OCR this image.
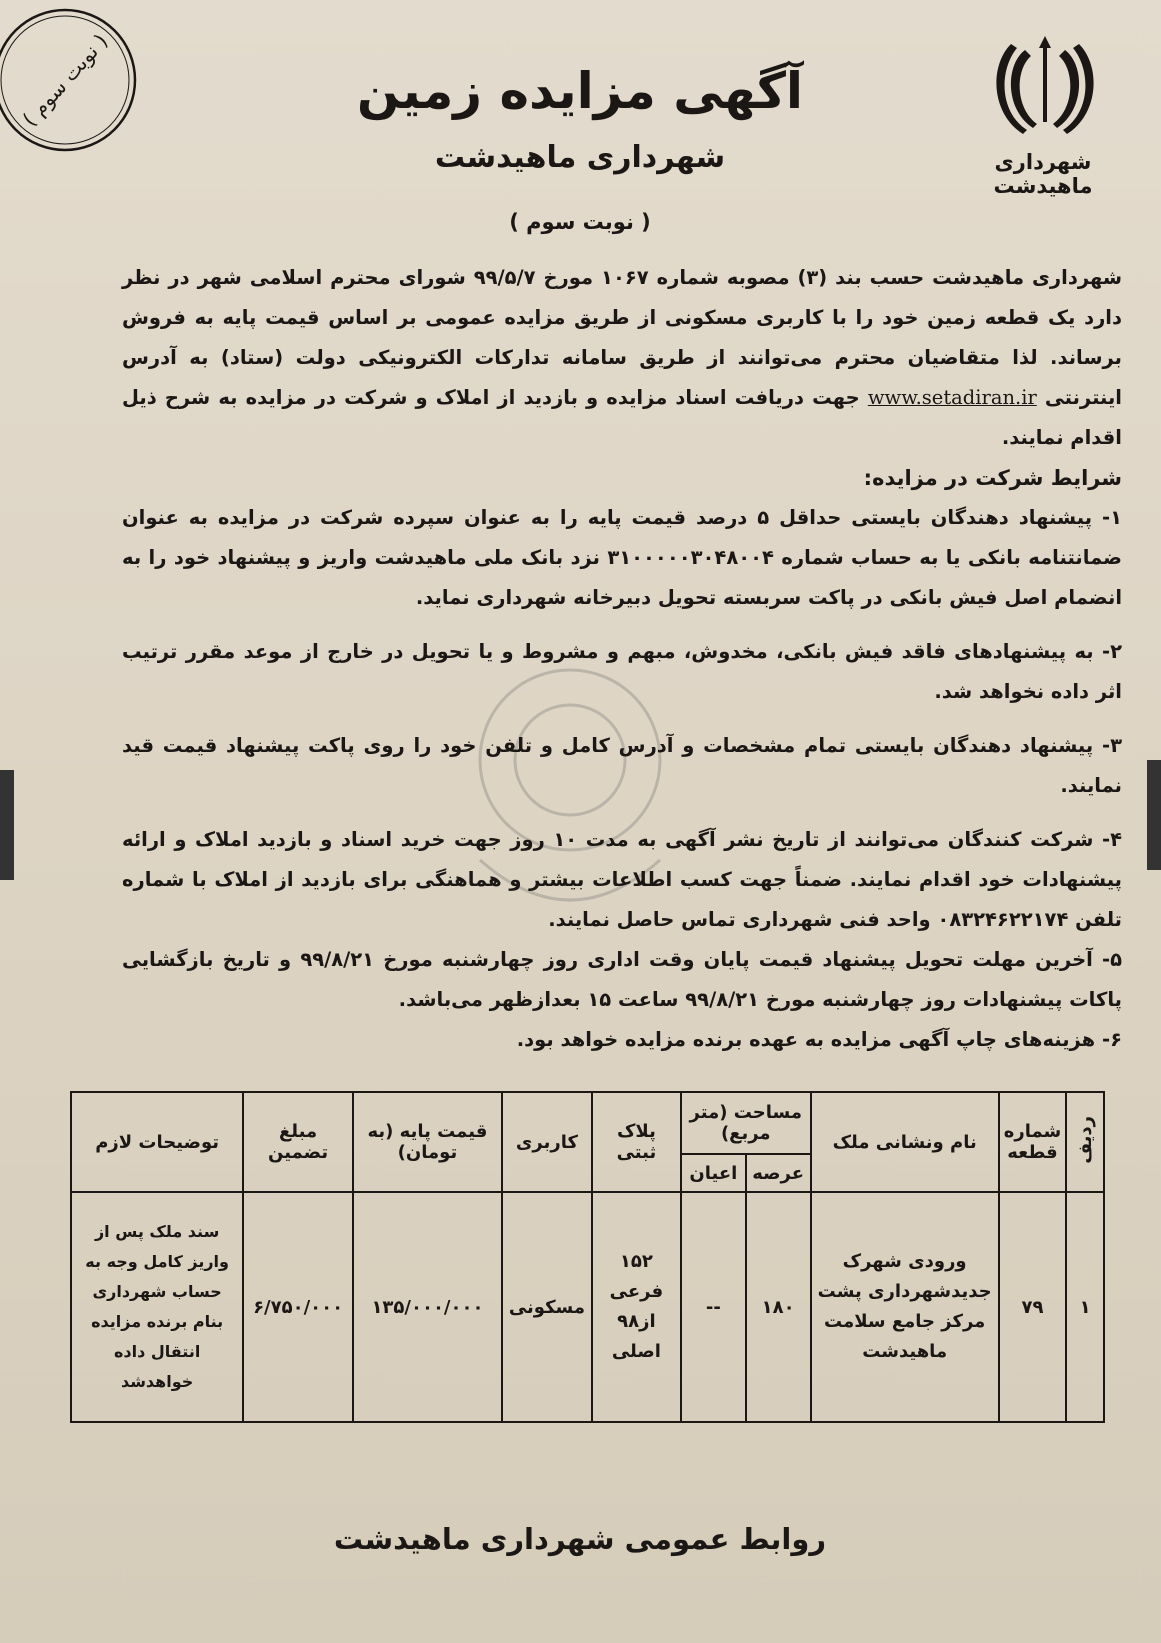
( نوبت سوم )
شهرداری ماهیدشت
آگهی مزایده زمین
شهرداری ماهیدشت
( نوبت سوم )

شهرداری ماهیدشت حسب بند (۳) مصوبه شماره ۱۰۶۷ مورخ ۹۹/۵/۷ شورای محترم اسلامی شهر در نظر دارد یک قطعه زمین خود را با کاربری مسکونی از طریق مزایده عمومی بر اساس قیمت پایه به فروش برساند. لذا متقاضیان محترم می‌توانند از طریق سامانه تدارکات الکترونیکی دولت (ستاد) به آدرس اینترنتی www.setadiran.ir جهت دریافت اسناد مزایده و بازدید از املاک و شرکت در مزایده به شرح ذیل اقدام نمایند.

شرایط شرکت در مزایده:

۱- پیشنهاد دهندگان بایستی حداقل ۵ درصد قیمت پایه را به عنوان سپرده شرکت در مزایده به عنوان ضمانتنامه بانکی یا به حساب شماره ۳۱۰۰۰۰۰۳۰۴۸۰۰۴ نزد بانک ملی ماهیدشت واریز و پیشنهاد خود را به انضمام اصل فیش بانکی در پاکت سربسته تحویل دبیرخانه شهرداری نماید.

۲- به پیشنهادهای فاقد فیش بانکی، مخدوش، مبهم و مشروط و یا تحویل در خارج از موعد مقرر ترتیب اثر داده نخواهد شد.

۳- پیشنهاد دهندگان بایستی تمام مشخصات و آدرس کامل و تلفن خود را روی پاکت پیشنهاد قیمت قید نمایند.

۴- شرکت کنندگان می‌توانند از تاریخ نشر آگهی به مدت ۱۰ روز جهت خرید اسناد و بازدید املاک و ارائه پیشنهادات خود اقدام نمایند. ضمناً جهت کسب اطلاعات بیشتر و هماهنگی برای بازدید از املاک با شماره تلفن ۰۸۳۲۴۶۲۲۱۷۴ واحد فنی شهرداری تماس حاصل نمایند.

۵- آخرین مهلت تحویل پیشنهاد قیمت پایان وقت اداری روز چهارشنبه مورخ ۹۹/۸/۲۱ و تاریخ بازگشایی پاکات پیشنهادات روز چهارشنبه مورخ ۹۹/۸/۲۱ ساعت ۱۵ بعدازظهر می‌باشد.

۶- هزینه‌های چاپ آگهی مزایده به عهده برنده مزایده خواهد بود.

ردیف	شماره قطعه	نام ونشانی ملک	مساحت (متر مربع)		پلاک ثبتی	کاربری	قیمت پایه (به تومان)	مبلغ تضمین	توضیحات لازم
			عرصه	اعیان					
۱	۷۹	ورودی شهرک جدیدشهرداری پشت مرکز جامع سلامت ماهیدشت	۱۸۰	--	۱۵۲ فرعی از۹۸ اصلی	مسکونی	۱۳۵/۰۰۰/۰۰۰	۶/۷۵۰/۰۰۰	سند ملک پس از واریز کامل وجه به حساب شهرداری بنام برنده مزایده انتقال داده خواهدشد
روابط عمومی شهرداری ماهیدشت
